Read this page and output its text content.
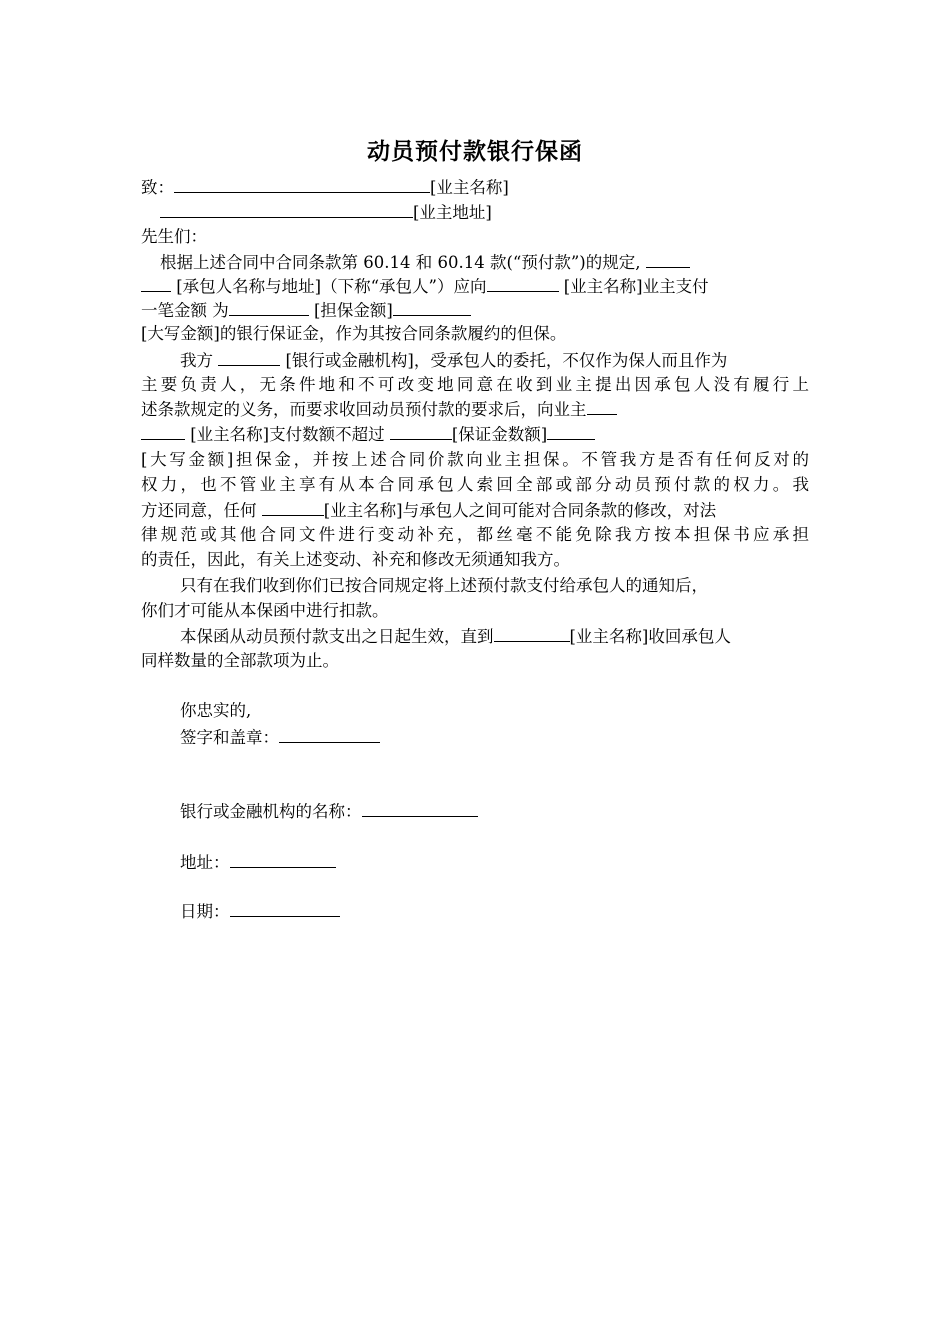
动员预付款银行保函
致：	[业主名称]
[业主地址]
先生们：
根据上述合同中合同条款第 60.14 和 60.14 款(“预付款”)的规定,
[承包人名称与地址]（下称“承包人”）应向	[业主名称]业主支付
一笔金额 为	[担保金额]
[大写金额]的银行保证金，作为其按合同条款履约的但保。
我方	[银行或金融机构]，受承包人的委托，不仅作为保人而且作为
主要负责人，无条件地和不可改变地同意在收到业主提出因承包人没有履行上
述条款规定的义务，而要求收回动员预付款的要求后，向业主
[业主名称]支付数额不超过	[保证金数额]
[大写金额]担保金，并按上述合同价款向业主担保。不管我方是否有任何反对的
权力，也不管业主享有从本合同承包人索回全部或部分动员预付款的权力。我
方还同意，任何	[业主名称]与承包人之间可能对合同条款的修改，对法
律规范或其他合同文件进行变动补充，都丝毫不能免除我方按本担保书应承担
的责任，因此，有关上述变动、补充和修改无须通知我方。
只有在我们收到你们已按合同规定将上述预付款支付给承包人的通知后，
你们才可能从本保函中进行扣款。
本保函从动员预付款支出之日起生效，直到	[业主名称]收回承包人
同样数量的全部款项为止。
你忠实的,
签字和盖章：
银行或金融机构的名称：
地址：
日期：
